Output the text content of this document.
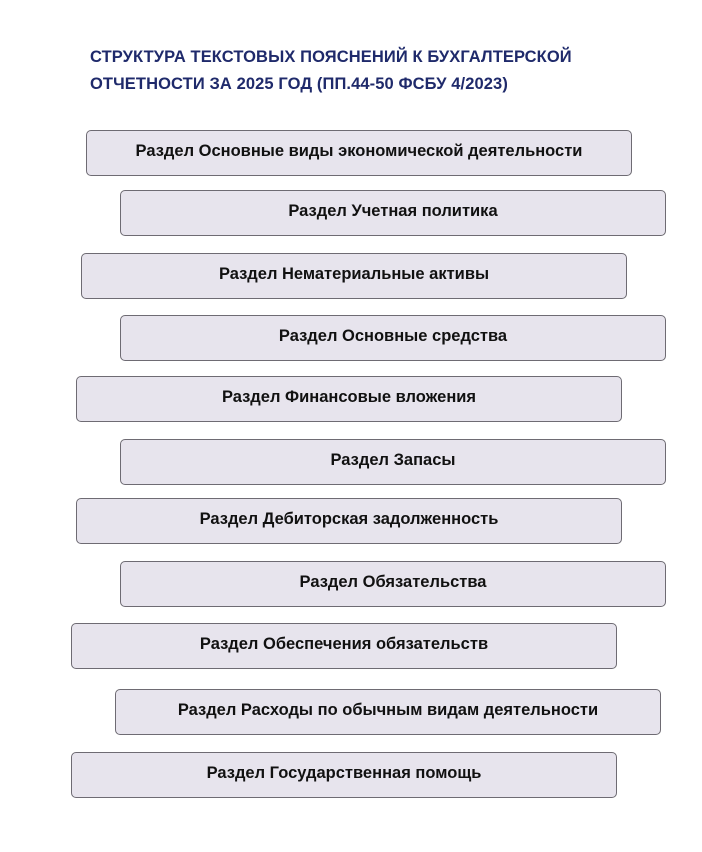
СТРУКТУРА ТЕКСТОВЫХ ПОЯСНЕНИЙ К БУХГАЛТЕРСКОЙ
ОТЧЕТНОСТИ ЗА 2025 ГОД (ПП.44-50 ФСБУ 4/2023)
Раздел Основные виды экономической деятельности
Раздел Учетная политика
Раздел Нематериальные активы
Раздел Основные средства
Раздел Финансовые вложения
Раздел Запасы
Раздел Дебиторская задолженность
Раздел Обязательства
Раздел Обеспечения обязательств
Раздел Расходы по обычным видам деятельности
Раздел Государственная помощь
